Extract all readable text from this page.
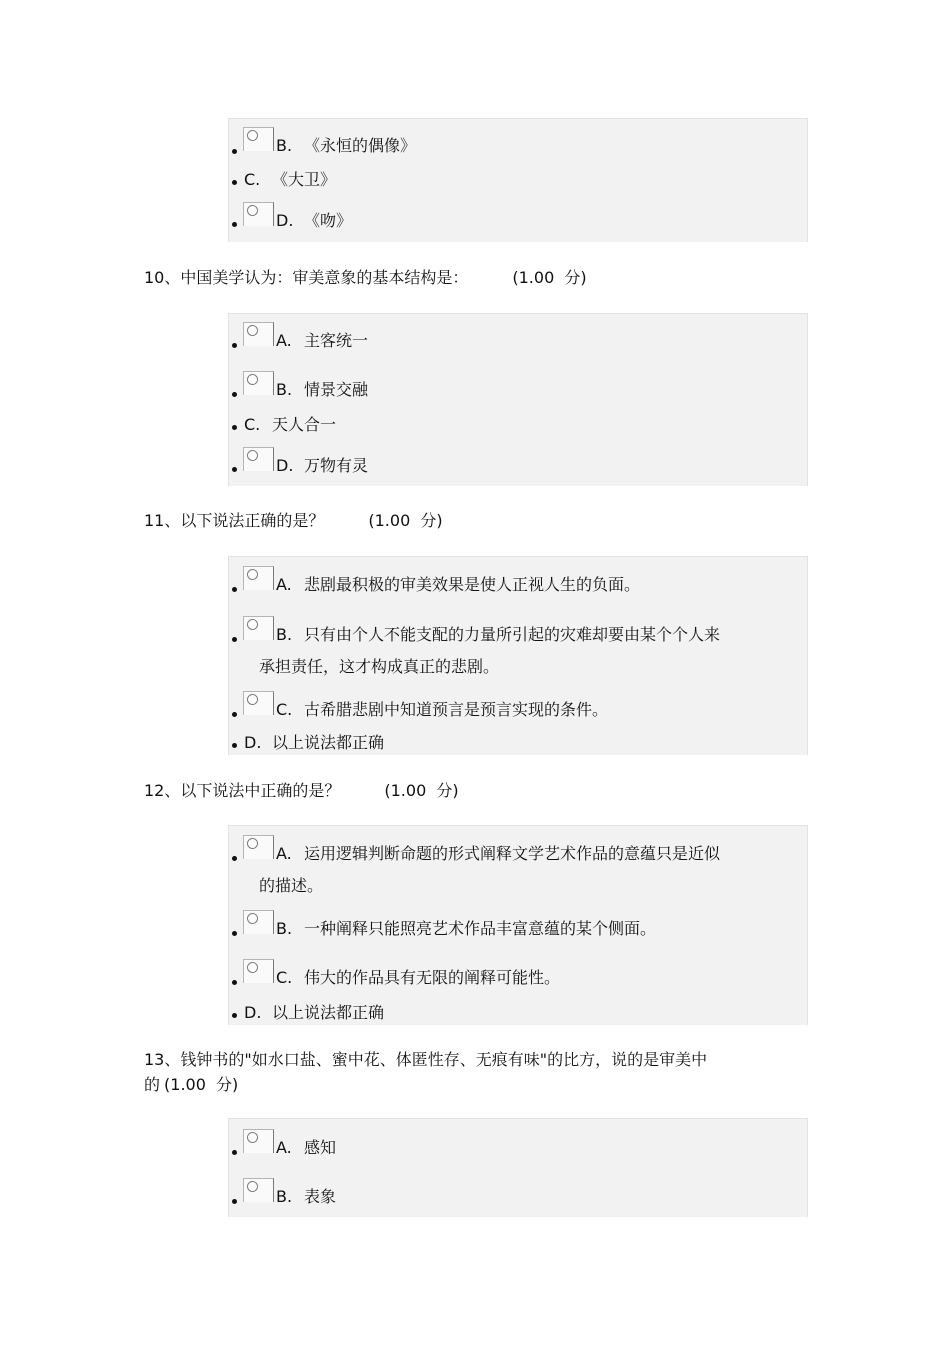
B. 《永恒的偶像》
C. 《大卫》
D. 《吻》
10、中国美学认为：审美意象的基本结构是：	(1.00  分)
A. 主客统一
B. 情景交融
C. 天人合一
D. 万物有灵
11、以下说法正确的是？	(1.00  分)
A. 悲剧最积极的审美效果是使人正视人生的负面。
B. 只有由个人不能支配的力量所引起的灾难却要由某个个人来
承担责任，这才构成真正的悲剧。
C. 古希腊悲剧中知道预言是预言实现的条件。
D. 以上说法都正确
12、以下说法中正确的是？	(1.00  分)
A. 运用逻辑判断命题的形式阐释文学艺术作品的意蕴只是近似
的描述。
B. 一种阐释只能照亮艺术作品丰富意蕴的某个侧面。
C. 伟大的作品具有无限的阐释可能性。
D. 以上说法都正确
13、钱钟书的"如水口盐、蜜中花、体匿性存、无痕有味"的比方，说的是审美中
的 (1.00  分)
A. 感知
B. 表象
